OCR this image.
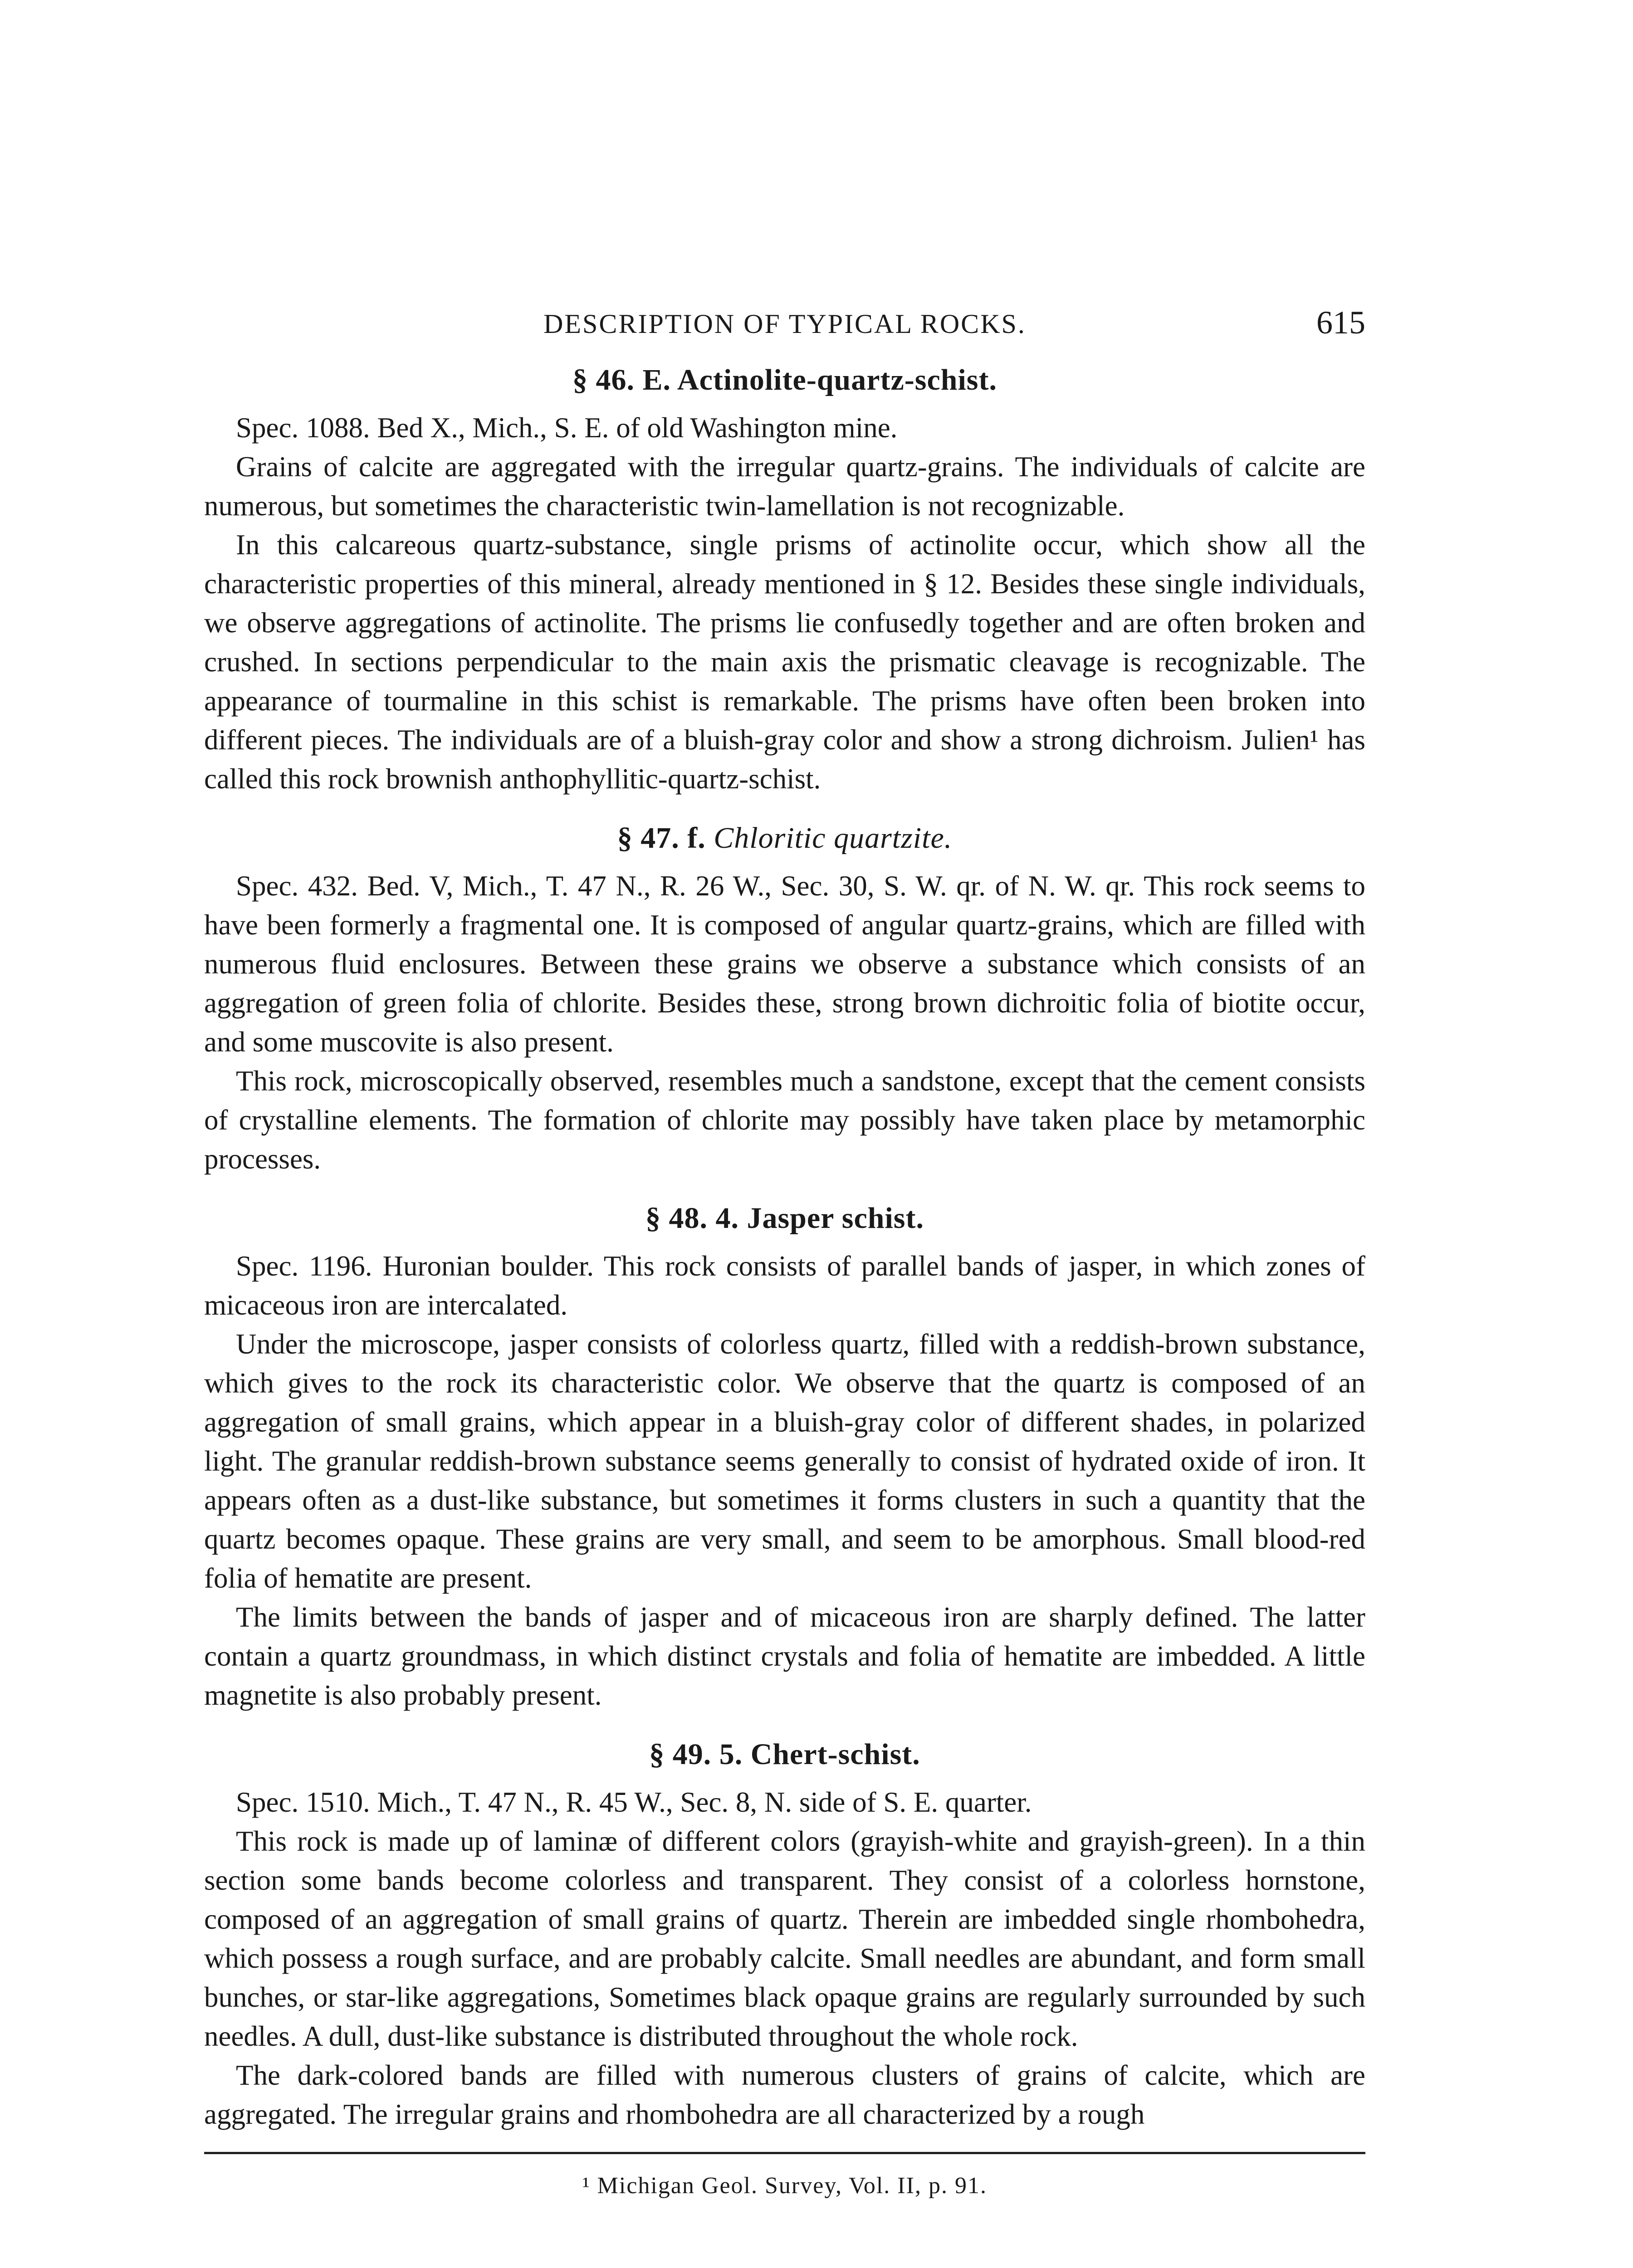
DESCRIPTION OF TYPICAL ROCKS.	615
§ 46. E. Actinolite-quartz-schist.

Spec. 1088. Bed X., Mich., S. E. of old Washington mine.

Grains of calcite are aggregated with the irregular quartz-grains. The individuals of calcite are numerous, but sometimes the characteristic twin-lamellation is not recognizable.

In this calcareous quartz-substance, single prisms of actinolite occur, which show all the characteristic properties of this mineral, already mentioned in § 12. Besides these single individuals, we observe aggregations of actinolite. The prisms lie confusedly together and are often broken and crushed. In sections perpendicular to the main axis the prismatic cleavage is recognizable. The appearance of tourmaline in this schist is remarkable. The prisms have often been broken into different pieces. The individuals are of a bluish-gray color and show a strong dichroism. Julien¹ has called this rock brownish anthophyllitic-quartz-schist.

§ 47. f. Chloritic quartzite.

Spec. 432. Bed. V, Mich., T. 47 N., R. 26 W., Sec. 30, S. W. qr. of N. W. qr. This rock seems to have been formerly a fragmental one. It is composed of angular quartz-grains, which are filled with numerous fluid enclosures. Between these grains we observe a substance which consists of an aggregation of green folia of chlorite. Besides these, strong brown dichroitic folia of biotite occur, and some muscovite is also present.

This rock, microscopically observed, resembles much a sandstone, except that the cement consists of crystalline elements. The formation of chlorite may possibly have taken place by metamorphic processes.

§ 48. 4. Jasper schist.

Spec. 1196. Huronian boulder. This rock consists of parallel bands of jasper, in which zones of micaceous iron are intercalated.

Under the microscope, jasper consists of colorless quartz, filled with a reddish-brown substance, which gives to the rock its characteristic color. We observe that the quartz is composed of an aggregation of small grains, which appear in a bluish-gray color of different shades, in polarized light. The granular reddish-brown substance seems generally to consist of hydrated oxide of iron. It appears often as a dust-like substance, but sometimes it forms clusters in such a quantity that the quartz becomes opaque. These grains are very small, and seem to be amorphous. Small blood-red folia of hematite are present.

The limits between the bands of jasper and of micaceous iron are sharply defined. The latter contain a quartz groundmass, in which distinct crystals and folia of hematite are imbedded. A little magnetite is also probably present.

§ 49. 5. Chert-schist.

Spec. 1510. Mich., T. 47 N., R. 45 W., Sec. 8, N. side of S. E. quarter.

This rock is made up of laminæ of different colors (grayish-white and grayish-green). In a thin section some bands become colorless and transparent. They consist of a colorless hornstone, composed of an aggregation of small grains of quartz. Therein are imbedded single rhombohedra, which possess a rough surface, and are probably calcite. Small needles are abundant, and form small bunches, or star-like aggregations, Sometimes black opaque grains are regularly surrounded by such needles. A dull, dust-like substance is distributed throughout the whole rock.

The dark-colored bands are filled with numerous clusters of grains of calcite, which are aggregated. The irregular grains and rhombohedra are all characterized by a rough

¹ Michigan Geol. Survey, Vol. II, p. 91.
